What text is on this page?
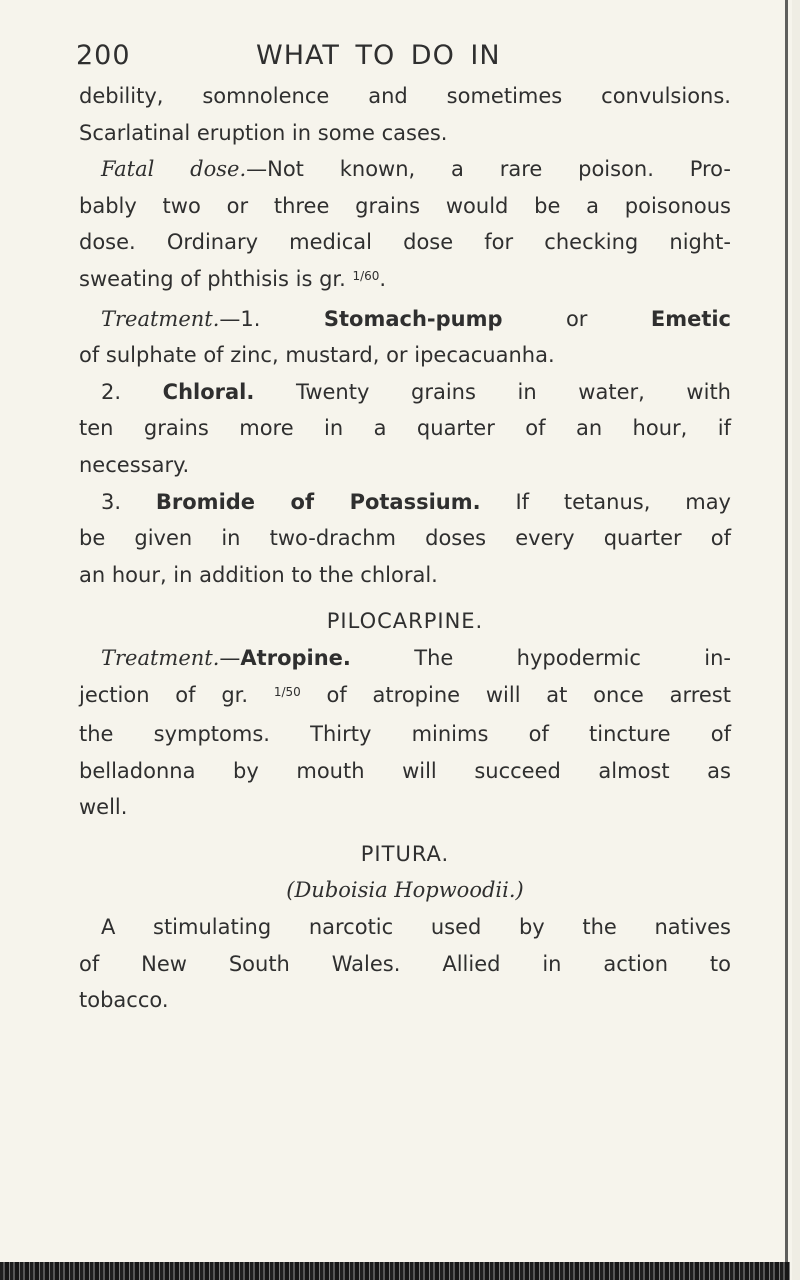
200	WHAT TO DO IN
debility, somnolence and sometimes convulsions.
Scarlatinal eruption in some cases.
Fatal dose.—Not known, a rare poison. Pro-
bably two or three grains would be a poisonous
dose. Ordinary medical dose for checking night-
sweating of phthisis is gr. $^{1/60}$.
Treatment.—1. Stomach-pump or Emetic
of sulphate of zinc, mustard, or ipecacuanha.
2. Chloral. Twenty grains in water, with
ten grains more in a quarter of an hour, if
necessary.
3. Bromide of Potassium. If tetanus, may
be given in two-drachm doses every quarter of
an hour, in addition to the chloral.
PILOCARPINE.
Treatment.—Atropine. The hypodermic in-
jection of gr. $^{1/50}$ of atropine will at once arrest
the symptoms. Thirty minims of tincture of
belladonna by mouth will succeed almost as
well.
PITURA.
(Duboisia Hopwoodii.)
A stimulating narcotic used by the natives
of New South Wales. Allied in action to
tobacco.
